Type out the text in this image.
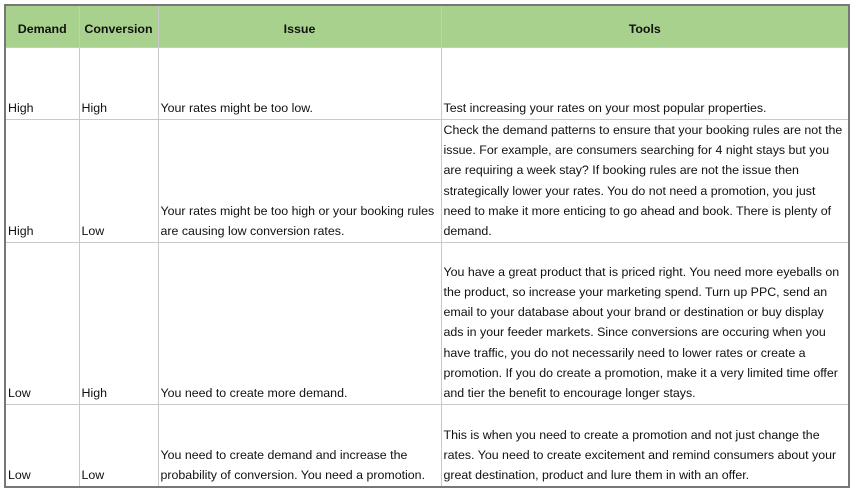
Demand	Conversion	Issue	Tools
High	High	Your rates might be too low.	Test increasing your rates on your most popular properties.
High	Low	Your rates might be too high or your booking rules are causing low conversion rates.	Check the demand patterns to ensure that your booking rules are not the issue. For example, are consumers searching for 4 night stays but you are requiring a week stay? If booking rules are not the issue then strategically lower your rates. You do not need a promotion, you just need to make it more enticing to go ahead and book. There is plenty of demand.
Low	High	You need to create more demand.	You have a great product that is priced right. You need more eyeballs on the product, so increase your marketing spend. Turn up PPC, send an email to your database about your brand or destination or buy display ads in your feeder markets. Since conversions are occuring when you have traffic, you do not necessarily need to lower rates or create a promotion. If you do create a promotion, make it a very limited time offer and tier the benefit to encourage longer stays.
Low	Low	You need to create demand and increase the probability of conversion. You need a promotion.	This is when you need to create a promotion and not just change the rates. You need to create excitement and remind consumers about your great destination, product and lure them in with an offer.
